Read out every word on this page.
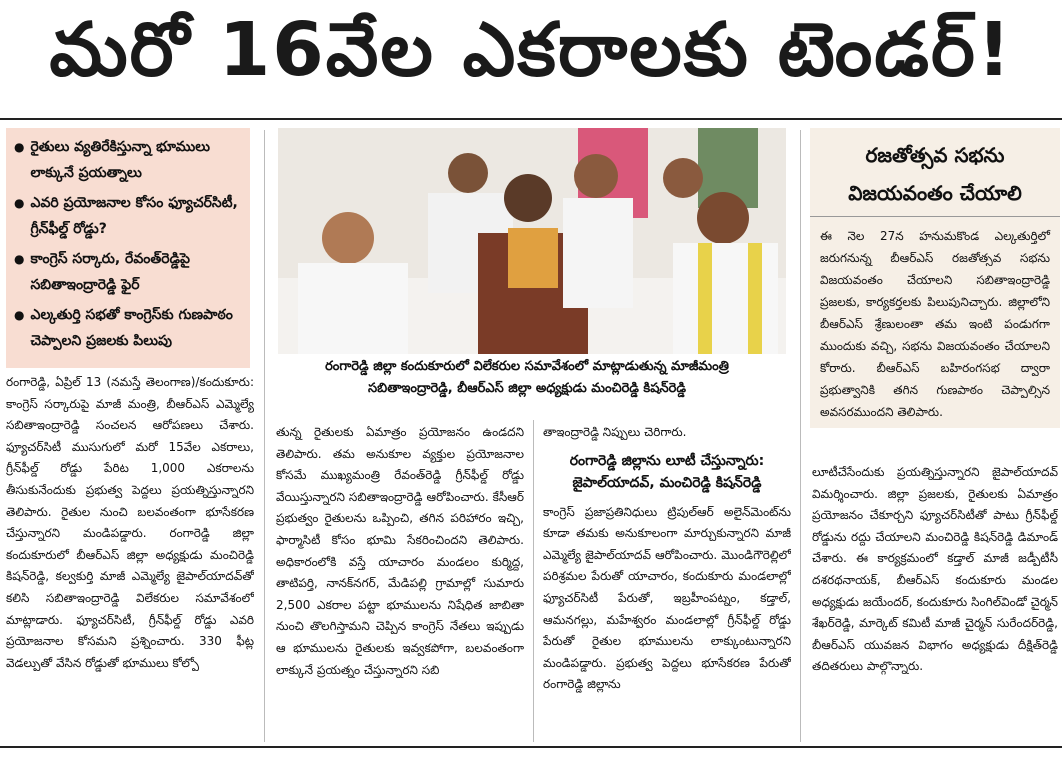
మరో 16వేల ఎకరాలకు టెండర్!
● రైతులు వ్యతిరేకిస్తున్నా భూములు లాక్కునే ప్రయత్నాలు
● ఎవరి ప్రయోజనాల కోసం ఫ్యూచర్‌సిటీ, గ్రీన్‌ఫీల్డ్ రోడ్డు?
● కాంగ్రెస్ సర్కారు, రేవంత్‌రెడ్డిపై సబితాఇంద్రారెడ్డి ఫైర్
● ఎల్కతుర్తి సభతో కాంగ్రెస్‌కు గుణపాఠం చెప్పాలని ప్రజలకు పిలుపు
రంగారెడ్డి జిల్లా కందుకూరులో విలేకరుల సమావేశంలో మాట్లాడుతున్న మాజీమంత్రి సబితాఇంద్రారెడ్డి, బీఆర్‌ఎస్ జిల్లా అధ్యక్షుడు మంచిరెడ్డి కిషన్‌రెడ్డి
రజతోత్సవ సభను విజయవంతం చేయాలి
ఈ నెల 27న హనుమకొండ ఎల్కతుర్తిలో జరుగనున్న బీఆర్‌ఎస్ రజతోత్సవ సభను విజయవంతం చేయాలని సబితాఇంద్రారెడ్డి ప్రజలకు, కార్యకర్తలకు పిలుపునిచ్చారు. జిల్లాలోని బీఆర్‌ఎస్ శ్రేణులంతా తమ ఇంటి పండుగగా ముందుకు వచ్చి, సభను విజయవంతం చేయాలని కోరారు. బీఆర్‌ఎస్ బహిరంగసభ ద్వారా ప్రభుత్వానికి తగిన గుణపాఠం చెప్పాల్సిన అవసరముందని తెలిపారు.
రంగారెడ్డి, ఏప్రిల్ 13 (నమస్తే తెలంగాణ)/కందుకూరు: కాంగ్రెస్ సర్కారుపై మాజీ మంత్రి, బీఆర్‌ఎస్ ఎమ్మెల్యే సబితాఇంద్రారెడ్డి సంచలన ఆరోపణలు చేశారు. ఫ్యూచర్‌సిటీ ముసుగులో మరో 15వేల ఎకరాలు, గ్రీన్‌ఫీల్డ్ రోడ్డు పేరిట 1,000 ఎకరాలను తీసుకునేందుకు ప్రభుత్వ పెద్దలు ప్రయత్నిస్తున్నారని తెలిపారు. రైతుల నుంచి బలవంతంగా భూసేకరణ చేస్తున్నారని మండిపడ్డారు. రంగారెడ్డి జిల్లా కందుకూరులో బీఆర్‌ఎస్ జిల్లా అధ్యక్షుడు మంచిరెడ్డి కిషన్‌రెడ్డి, కల్వకుర్తి మాజీ ఎమ్మెల్యే జైపాల్‌యాదవ్‌తో కలిసి సబితాఇంద్రారెడ్డి విలేకరుల సమావేశంలో మాట్లాడారు. ఫ్యూచర్‌సిటీ, గ్రీన్‌ఫీల్డ్ రోడ్డు ఎవరి ప్రయోజనాల కోసమని ప్రశ్నించారు. 330 ఫీట్ల వెడల్పుతో వేసిన రోడ్డుతో భూములు కోల్పో
తున్న రైతులకు ఏమాత్రం ప్రయోజనం ఉండదని తెలిపారు. తమ అనుకూల వ్యక్తుల ప్రయోజనాల కోసమే ముఖ్యమంత్రి రేవంత్‌రెడ్డి గ్రీన్‌ఫీల్డ్ రోడ్డు వేయిస్తున్నారని సబితాఇంద్రారెడ్డి ఆరోపించారు. కేసీఆర్ ప్రభుత్వం రైతులను ఒప్పించి, తగిన పరిహారం ఇచ్చి, ఫార్మాసిటీ కోసం భూమి సేకరించిందని తెలిపారు. అధికారంలోకి వస్తే యాచారం మండలం కుర్మిద్ద, తాటిపర్తి, నానక్‌నగర్, మేడిపల్లి గ్రామాల్లో సుమారు 2,500 ఎకరాల పట్టా భూములను నిషేధిత జాబితా నుంచి తొలగిస్తామని చెప్పిన కాంగ్రెస్ నేతలు ఇప్పుడు ఆ భూములను రైతులకు ఇవ్వకపోగా, బలవంతంగా లాక్కునే ప్రయత్నం చేస్తున్నారని సబి
తాఇంద్రారెడ్డి నిప్పులు చెరిగారు.
రంగారెడ్డి జిల్లాను లూటీ చేస్తున్నారు: జైపాల్‌యాదవ్, మంచిరెడ్డి కిషన్‌రెడ్డి
కాంగ్రెస్ ప్రజాప్రతినిధులు ట్రిపుల్‌ఆర్ అలైన్‌మెంట్‌ను కూడా తమకు అనుకూలంగా మార్చుకున్నారని మాజీ ఎమ్మెల్యే జైపాల్‌యాదవ్ ఆరోపించారు. మొండిగౌరెల్లిలో పరిశ్రమల పేరుతో యాచారం, కందుకూరు మండలాల్లో ఫ్యూచర్‌సిటీ పేరుతో, ఇబ్రహీంపట్నం, కడ్తాల్, ఆమనగల్లు, మహేశ్వరం మండలాల్లో గ్రీన్‌ఫీల్డ్ రోడ్డు పేరుతో రైతుల భూములను లాక్కుంటున్నారని మండిపడ్డారు. ప్రభుత్వ పెద్దలు భూసేకరణ పేరుతో రంగారెడ్డి జిల్లాను
లూటీచేసేందుకు ప్రయత్నిస్తున్నారని జైపాల్‌యాదవ్ విమర్శించారు. జిల్లా ప్రజలకు, రైతులకు ఏమాత్రం ప్రయోజనం చేకూర్చని ఫ్యూచర్‌సిటీతో పాటు గ్రీన్‌ఫీల్డ్ రోడ్డును రద్దు చేయాలని మంచిరెడ్డి కిషన్‌రెడ్డి డిమాండ్ చేశారు. ఈ కార్యక్రమంలో కడ్తాల్ మాజీ జడ్పీటీసీ దశరథనాయక్, బీఆర్‌ఎస్ కందుకూరు మండల అధ్యక్షుడు జయేందర్, కందుకూరు సింగిల్‌విండో చైర్మన్ శేఖర్‌రెడ్డి, మార్కెట్ కమిటీ మాజీ చైర్మన్ సురేందర్‌రెడ్డి, బీఆర్‌ఎస్ యువజన విభాగం అధ్యక్షుడు దీక్షిత్‌రెడ్డి తదితరులు పాల్గొన్నారు.
